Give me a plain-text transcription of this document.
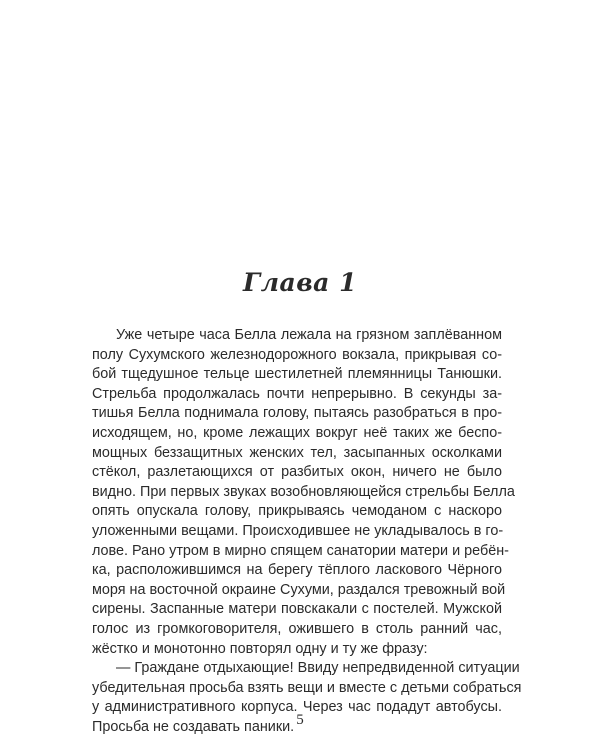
Глава 1
Уже четыре часа Белла лежала на грязном заплёванном
полу Сухумского железнодорожного вокзала, прикрывая со-
бой тщедушное тельце шестилетней племянницы Танюшки.
Стрельба продолжалась почти непрерывно. В секунды за-
тишья Белла поднимала голову, пытаясь разобраться в про-
исходящем, но, кроме лежащих вокруг неё таких же беспо-
мощных беззащитных женских тел, засыпанных осколками
стёкол, разлетающихся от разбитых окон, ничего не было
видно. При первых звуках возобновляющейся стрельбы Белла
опять опускала голову, прикрываясь чемоданом с наскоро
уложенными вещами. Происходившее не укладывалось в го-
лове. Рано утром в мирно спящем санатории матери и ребён-
ка, расположившимся на берегу тёплого ласкового Чёрного
моря на восточной окраине Сухуми, раздался тревожный вой
сирены. Заспанные матери повскакали с постелей. Мужской
голос из громкоговорителя, ожившего в столь ранний час,
жёстко и монотонно повторял одну и ту же фразу:
— Граждане отдыхающие! Ввиду непредвиденной ситуации
убедительная просьба взять вещи и вместе с детьми собраться
у административного корпуса. Через час подадут автобусы.
Просьба не создавать паники. 5
